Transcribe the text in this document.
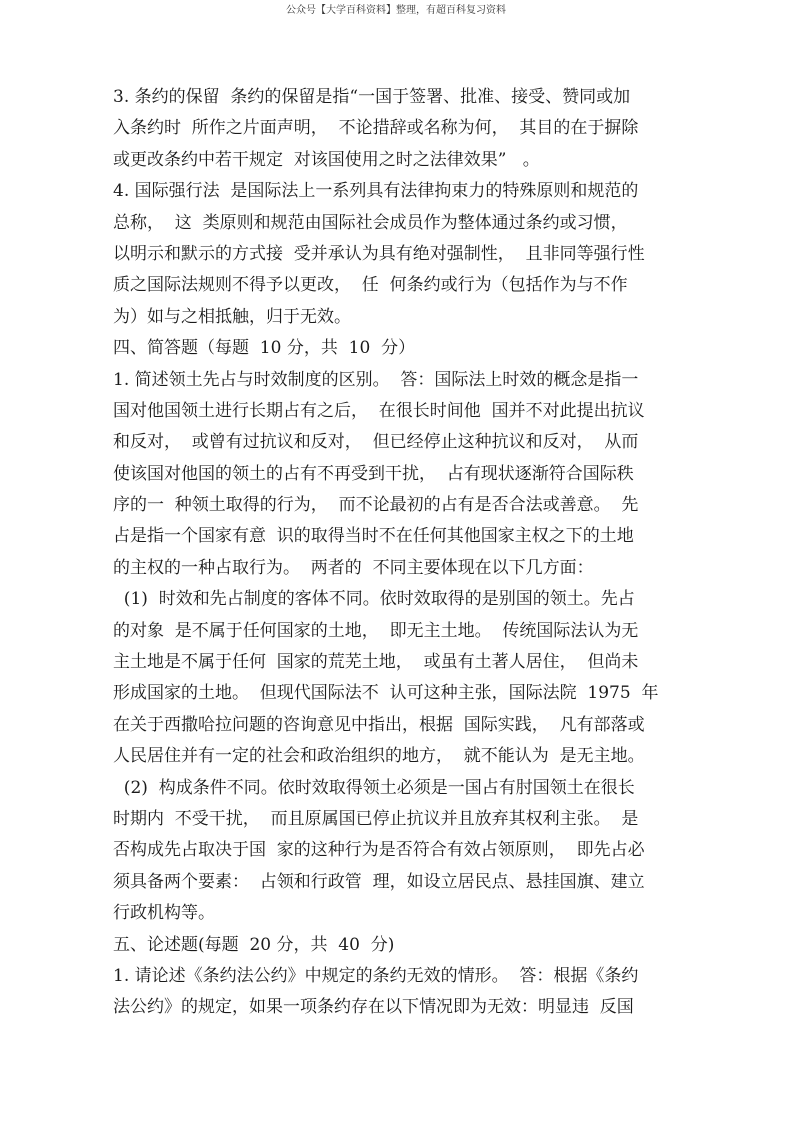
公众号【大学百科资料】整理，有超百科复习资料
3. 条约的保留  条约的保留是指“一国于签署、批准、接受、赞同或加
入条约时  所作之片面声明，  不论措辞或名称为何，  其目的在于摒除
或更改条约中若干规定  对该国使用之时之法律效果”   。
4. 国际强行法  是国际法上一系列具有法律拘束力的特殊原则和规范的
总称，  这  类原则和规范由国际社会成员作为整体通过条约或习惯，
以明示和默示的方式接  受并承认为具有绝对强制性，  且非同等强行性
质之国际法规则不得予以更改，  任  何条约或行为（包括作为与不作
为）如与之相抵触，归于无效。
四、简答题（每题  10 分，共  10  分）
1. 简述领土先占与时效制度的区别。  答：国际法上时效的概念是指一
国对他国领土进行长期占有之后，  在很长时间他  国并不对此提出抗议
和反对，  或曾有过抗议和反对，  但已经停止这种抗议和反对，  从而
使该国对他国的领土的占有不再受到干扰，  占有现状逐渐符合国际秩
序的一  种领土取得的行为，  而不论最初的占有是否合法或善意。  先
占是指一个国家有意  识的取得当时不在任何其他国家主权之下的土地
的主权的一种占取行为。  两者的  不同主要体现在以下几方面：
(1)  时效和先占制度的客体不同。依时效取得的是别国的领土。先占
的对象  是不属于任何国家的土地，  即无主土地。  传统国际法认为无
主土地是不属于任何  国家的荒芜土地，  或虽有土著人居住，  但尚未
形成国家的土地。  但现代国际法不  认可这种主张，国际法院  1975  年
在关于西撒哈拉问题的咨询意见中指出，根据  国际实践，  凡有部落或
人民居住并有一定的社会和政治组织的地方，  就不能认为  是无主地。
(2)  构成条件不同。依时效取得领土必须是一国占有肘国领土在很长
时期内  不受干扰，  而且原属国已停止抗议并且放弃其权利主张。  是
否构成先占取决于国  家的这种行为是否符合有效占领原则，  即先占必
须具备两个要素：  占领和行政管  理，如设立居民点、悬挂国旗、建立
行政机构等。
五、论述题(每题  20 分，共  40  分)
1. 请论述《条约法公约》中规定的条约无效的情形。  答：根据《条约
法公约》的规定，如果一项条约存在以下情况即为无效：明显违  反国
